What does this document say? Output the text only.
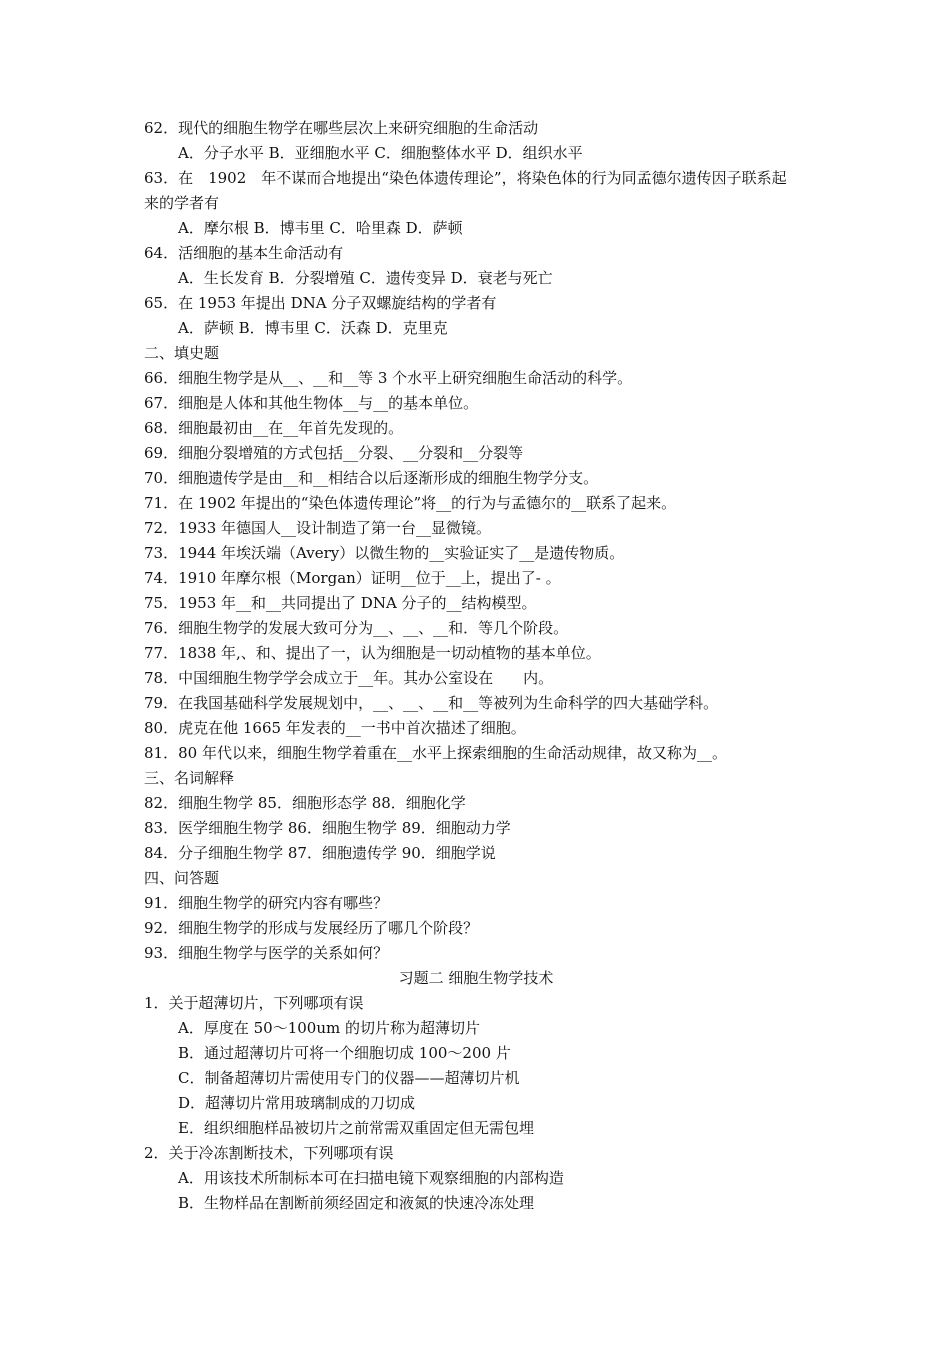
62．现代的细胞生物学在哪些层次上来研究细胞的生命活动
A．分子水平 B．亚细胞水平 C．细胞整体水平 D．组织水平
63．在　1902　年不谋而合地提出“染色体遗传理论”，将染色体的行为同孟德尔遗传因子联系起
来的学者有
A．摩尔根 B．博韦里 C．哈里森 D．萨顿
64．活细胞的基本生命活动有
A．生长发育 B．分裂增殖 C．遗传变异 D．衰老与死亡
65．在 1953 年提出 DNA 分子双螺旋结构的学者有
A．萨顿 B．博韦里 C．沃森 D．克里克
二、填史题
66．细胞生物学是从__、__和__等 3 个水平上研究细胞生命活动的科学。
67．细胞是人体和其他生物体__与__的基本单位。
68．细胞最初由__在__年首先发现的。
69．细胞分裂增殖的方式包括__分裂、__分裂和__分裂等
70．细胞遗传学是由__和__相结合以后逐渐形成的细胞生物学分支。
71．在 1902 年提出的“染色体遗传理论”将__的行为与孟德尔的__联系了起来。
72．1933 年德国人__设计制造了第一台__显微镜。
73．1944 年埃沃端（Avery）以微生物的__实验证实了__是遗传物质。
74．1910 年摩尔根（Morgan）证明__位于__上，提出了- 。
75．1953 年__和__共同提出了 DNA 分子的__结构模型。
76．细胞生物学的发展大致可分为__、__、__和．等几个阶段。
77．1838 年,、和、提出了一，认为细胞是一切动植物的基本单位。
78．中国细胞生物学学会成立于__年。其办公室设在　　内。
79．在我国基础科学发展规划中，__、__、__和__等被列为生命科学的四大基础学科。
80．虎克在他 1665 年发表的__一书中首次描述了细胞。
81．80 年代以来，细胞生物学着重在__水平上探索细胞的生命活动规律，故又称为__。
三、名词解释
82．细胞生物学 85．细胞形态学 88．细胞化学
83．医学细胞生物学 86．细胞生物学 89．细胞动力学
84．分子细胞生物学 87．细胞遗传学 90．细胞学说
四、问答题
91．细胞生物学的研究内容有哪些？
92．细胞生物学的形成与发展经历了哪几个阶段？
93．细胞生物学与医学的关系如何？
习题二 细胞生物学技术
1．关于超薄切片，下列哪项有误
A．厚度在 50～100um 的切片称为超薄切片
B．通过超薄切片可将一个细胞切成 100～200 片
C．制备超薄切片需使用专门的仪器——超薄切片机
D．超薄切片常用玻璃制成的刀切成
E．组织细胞样品被切片之前常需双重固定但无需包埋
2．关于冷冻割断技术，下列哪项有误
A．用该技术所制标本可在扫描电镜下观察细胞的内部构造
B．生物样品在割断前须经固定和液氮的快速冷冻处理
